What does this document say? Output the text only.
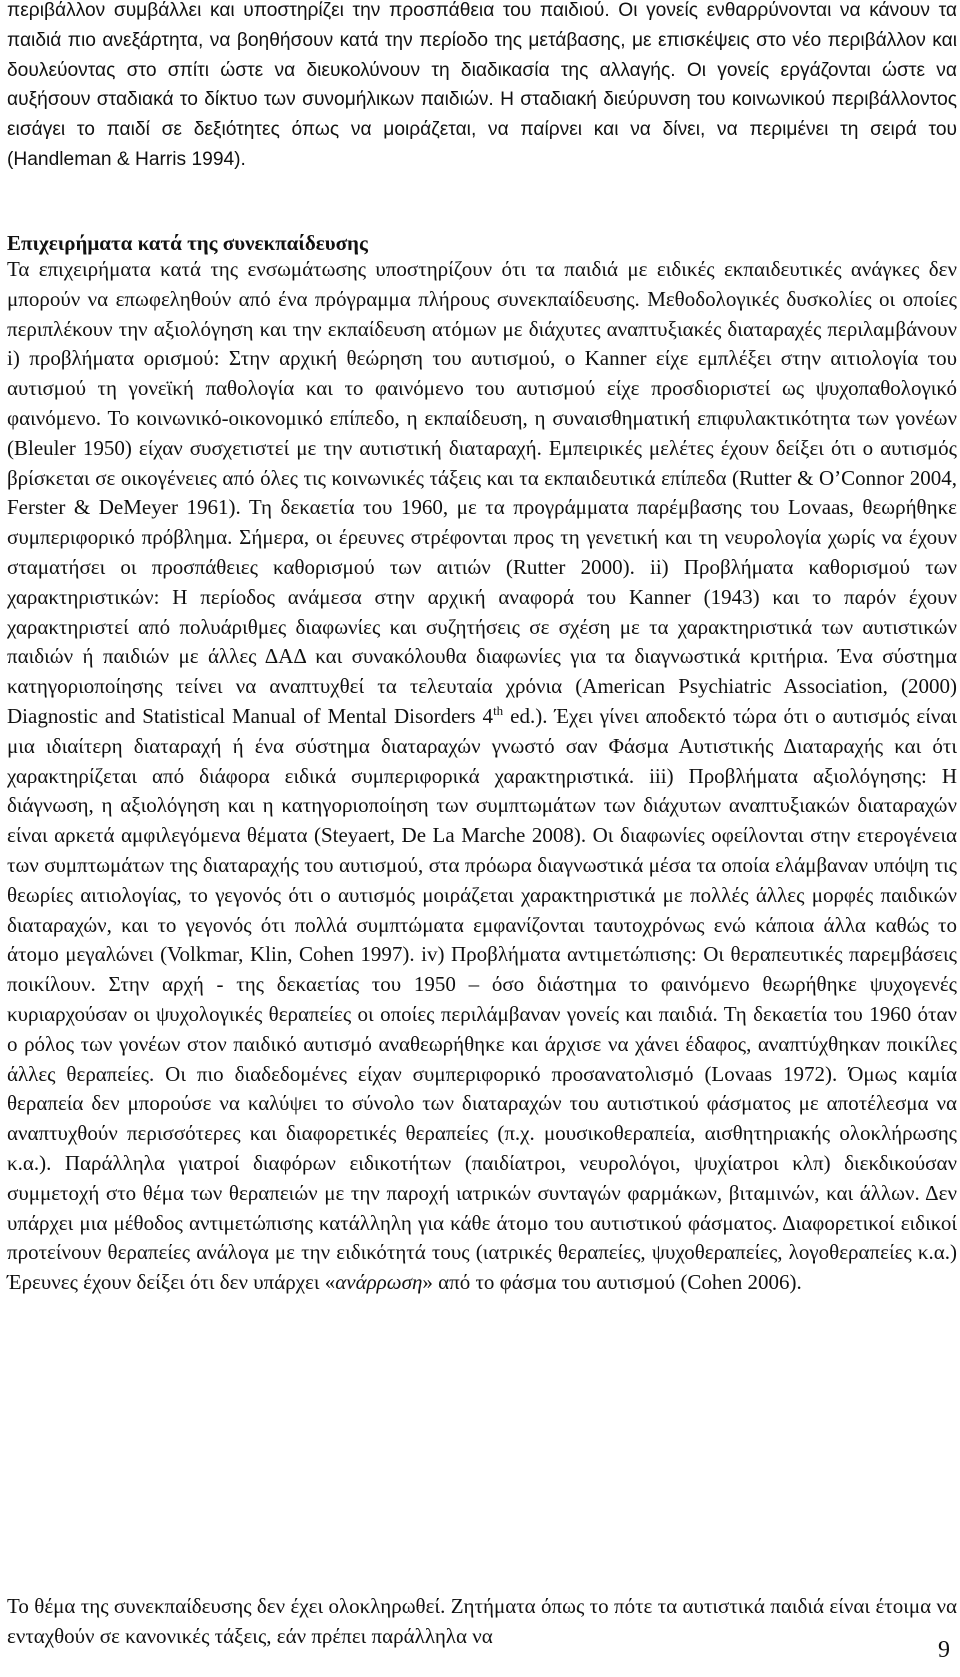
περιβάλλον συμβάλλει και υποστηρίζει την προσπάθεια του παιδιού. Οι γονείς ενθαρρύνονται να κάνουν τα παιδιά πιο ανεξάρτητα, να βοηθήσουν κατά την περίοδο της μετάβασης, με επισκέψεις στο νέο περιβάλλον και δουλεύοντας στο σπίτι ώστε να διευκολύνουν τη διαδικασία της αλλαγής. Οι γονείς εργάζονται ώστε να αυξήσουν σταδιακά το δίκτυο των συνομήλικων παιδιών. Η σταδιακή διεύρυνση του κοινωνικού περιβάλλοντος εισάγει το παιδί σε δεξιότητες όπως να μοιράζεται, να παίρνει και να δίνει, να περιμένει τη σειρά του (Handleman & Harris 1994).
Επιχειρήματα κατά της συνεκπαίδευσης
Τα επιχειρήματα κατά της ενσωμάτωσης υποστηρίζουν ότι τα παιδιά με ειδικές εκπαιδευτικές ανάγκες δεν μπορούν να επωφεληθούν από ένα πρόγραμμα πλήρους συνεκπαίδευσης. Μεθοδολογικές δυσκολίες οι οποίες περιπλέκουν την αξιολόγηση και την εκπαίδευση ατόμων με διάχυτες αναπτυξιακές διαταραχές περιλαμβάνουν i) προβλήματα ορισμού: Στην αρχική θεώρηση του αυτισμού, ο Kanner είχε εμπλέξει στην αιτιολογία του αυτισμού τη γονεϊκή παθολογία και το φαινόμενο του αυτισμού είχε προσδιοριστεί ως ψυχοπαθολογικό φαινόμενο. Το κοινωνικό-οικονομικό επίπεδο, η εκπαίδευση, η συναισθηματική επιφυλακτικότητα των γονέων (Bleuler 1950) είχαν συσχετιστεί με την αυτιστική διαταραχή. Εμπειρικές μελέτες έχουν δείξει ότι ο αυτισμός βρίσκεται σε οικογένειες από όλες τις κοινωνικές τάξεις και τα εκπαιδευτικά επίπεδα (Rutter & O’Connor 2004, Ferster & DeMeyer 1961). Τη δεκαετία του 1960, με τα προγράμματα παρέμβασης του Lovaas, θεωρήθηκε συμπεριφορικό πρόβλημα. Σήμερα, οι έρευνες στρέφονται προς τη γενετική και τη νευρολογία χωρίς να έχουν σταματήσει οι προσπάθειες καθορισμού των αιτιών (Rutter 2000). ii) Προβλήματα καθορισμού των χαρακτηριστικών: Η περίοδος ανάμεσα στην αρχική αναφορά του Kanner (1943) και το παρόν έχουν χαρακτηριστεί από πολυάριθμες διαφωνίες και συζητήσεις σε σχέση με τα χαρακτηριστικά των αυτιστικών παιδιών ή παιδιών με άλλες ΔΑΔ και συνακόλουθα διαφωνίες για τα διαγνωστικά κριτήρια. Ένα σύστημα κατηγοριοποίησης τείνει να αναπτυχθεί τα τελευταία χρόνια (American Psychiatric Association, (2000) Diagnostic and Statistical Manual of Mental Disorders 4th ed.). Έχει γίνει αποδεκτό τώρα ότι ο αυτισμός είναι μια ιδιαίτερη διαταραχή ή ένα σύστημα διαταραχών γνωστό σαν Φάσμα Αυτιστικής Διαταραχής και ότι χαρακτηρίζεται από διάφορα ειδικά συμπεριφορικά χαρακτηριστικά. iii) Προβλήματα αξιολόγησης: Η διάγνωση, η αξιολόγηση και η κατηγοριοποίηση των συμπτωμάτων των διάχυτων αναπτυξιακών διαταραχών είναι αρκετά αμφιλεγόμενα θέματα (Steyaert, De La Marche 2008). Οι διαφωνίες οφείλονται στην ετερογένεια των συμπτωμάτων της διαταραχής του αυτισμού, στα πρόωρα διαγνωστικά μέσα τα οποία ελάμβαναν υπόψη τις θεωρίες αιτιολογίας, το γεγονός ότι ο αυτισμός μοιράζεται χαρακτηριστικά με πολλές άλλες μορφές παιδικών διαταραχών, και το γεγονός ότι πολλά συμπτώματα εμφανίζονται ταυτοχρόνως ενώ κάποια άλλα καθώς το άτομο μεγαλώνει (Volkmar, Klin, Cohen 1997). iv) Προβλήματα αντιμετώπισης: Οι θεραπευτικές παρεμβάσεις ποικίλουν. Στην αρχή - της δεκαετίας του 1950 – όσο διάστημα το φαινόμενο θεωρήθηκε ψυχογενές κυριαρχούσαν οι ψυχολογικές θεραπείες οι οποίες περιλάμβαναν γονείς και παιδιά. Τη δεκαετία του 1960 όταν ο ρόλος των γονέων στον παιδικό αυτισμό αναθεωρήθηκε και άρχισε να χάνει έδαφος, αναπτύχθηκαν ποικίλες άλλες θεραπείες. Οι πιο διαδεδομένες είχαν συμπεριφορικό προσανατολισμό (Lovaas 1972). Όμως καμία θεραπεία δεν μπορούσε να καλύψει το σύνολο των διαταραχών του αυτιστικού φάσματος με αποτέλεσμα να αναπτυχθούν περισσότερες και διαφορετικές θεραπείες (π.χ. μουσικοθεραπεία, αισθητηριακής ολοκλήρωσης κ.α.). Παράλληλα γιατροί διαφόρων ειδικοτήτων (παιδίατροι, νευρολόγοι, ψυχίατροι κλπ) διεκδικούσαν συμμετοχή στο θέμα των θεραπειών με την παροχή ιατρικών συνταγών φαρμάκων, βιταμινών, και άλλων. Δεν υπάρχει μια μέθοδος αντιμετώπισης κατάλληλη για κάθε άτομο του αυτιστικού φάσματος. Διαφορετικοί ειδικοί προτείνουν θεραπείες ανάλογα με την ειδικότητά τους (ιατρικές θεραπείες, ψυχοθεραπείες, λογοθεραπείες κ.α.) Έρευνες έχουν δείξει ότι δεν υπάρχει «ανάρρωση» από το φάσμα του αυτισμού (Cohen 2006).
Το θέμα της συνεκπαίδευσης δεν έχει ολοκληρωθεί. Ζητήματα όπως το πότε τα αυτιστικά παιδιά είναι έτοιμα να ενταχθούν σε κανονικές τάξεις, εάν πρέπει παράλληλα να
9
